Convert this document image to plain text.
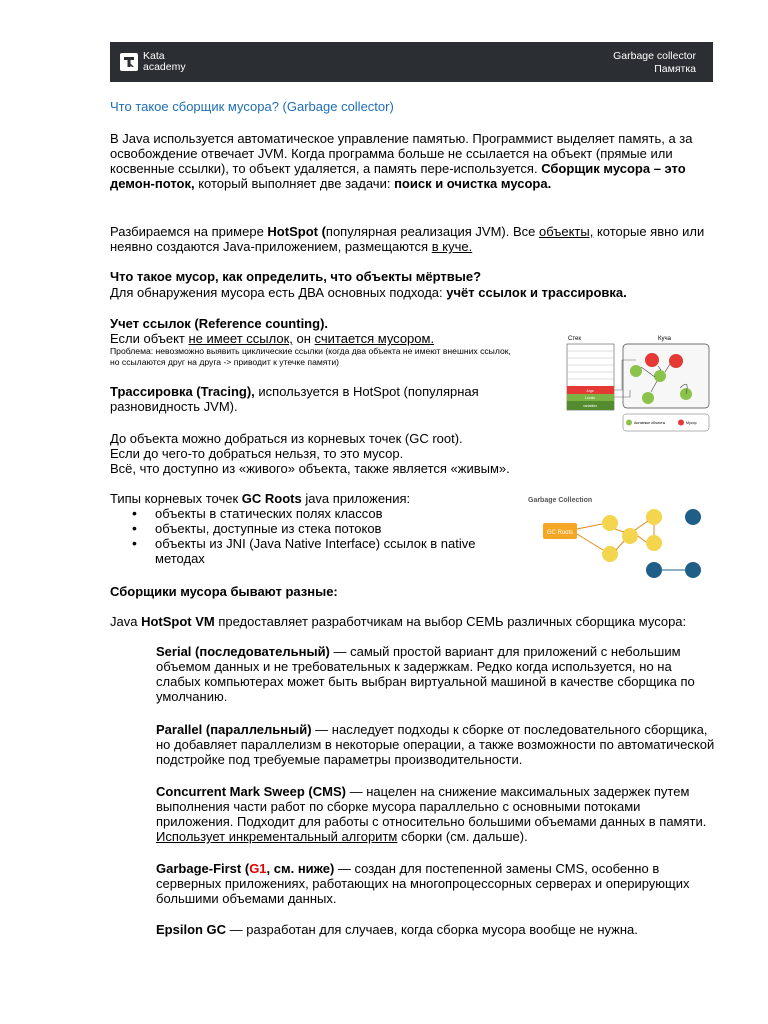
Kata
academy
Garbage collector
Памятка

Что такое сборщик мусора? (Garbage collector)

В Java используется автоматическое управление памятью. Программист выделяет память, а за освобождение отвечает JVM. Когда программа больше не ссылается на объект (прямые или косвенные ссылки), то объект удаляется, а память пере-используется. Сборщик мусора – это демон-поток, который выполняет две задачи: поиск и очистка мусора.

Разбираемся на примере HotSpot (популярная реализация JVM). Все объекты, которые явно или неявно создаются Java-приложением, размещаются в куче.

Что такое мусор, как определить, что объекты мёртвые?

Для обнаружения мусора есть ДВА основных подхода: учёт ссылок и трассировка.

Учет ссылок (Reference counting).

Если объект не имеет ссылок, он считается мусором.

Проблема: невозможно выявить циклические ссылки (когда два объекта не имеют внешних ссылок, но ссылаются друг на друга -> приводит к утечке памяти)

Трассировка (Tracing), используется в HotSpot (популярная разновидность JVM).

До объекта можно добраться из корневых точек (GC root).
Если до чего-то добраться нельзя, то это мусор.
Всё, что доступно из «живого» объекта, также является «живым».

Типы корневых точек GC Roots java приложения:

• объекты в статических полях классов
• объекты, доступные из стека потоков
• объекты из JNI (Java Native Interface) ссылок в native методах

Сборщики мусора бывают разные:

Java HotSpot VM предоставляет разработчикам на выбор СЕМЬ различных сборщика мусора:

Serial (последовательный) — самый простой вариант для приложений с небольшим объемом данных и не требовательных к задержкам. Редко когда используется, но на слабых компьютерах может быть выбран виртуальной машиной в качестве сборщика по умолчанию.

Parallel (параллельный) — наследует подходы к сборке от последовательного сборщика, но добавляет параллелизм в некоторые операции, а также возможности по автоматической подстройке под требуемые параметры производительности.

Concurrent Mark Sweep (CMS) — нацелен на снижение максимальных задержек путем выполнения части работ по сборке мусора параллельно с основными потоками приложения. Подходит для работы с относительно большими объемами данных в памяти. Использует инкрементальный алгоритм сборки (см. дальше).

Garbage-First (G1, см. ниже) — создан для постепенной замены CMS, особенно в серверных приложениях, работающих на многопроцессорных серверах и оперирующих большими объемами данных.

Epsilon GC — разработан для случаев, когда сборка мусора вообще не нужна.

Стек	Куча
Args
Locals
variables
Активные объекты	Мусор
Garbage Collection
GC Roots
